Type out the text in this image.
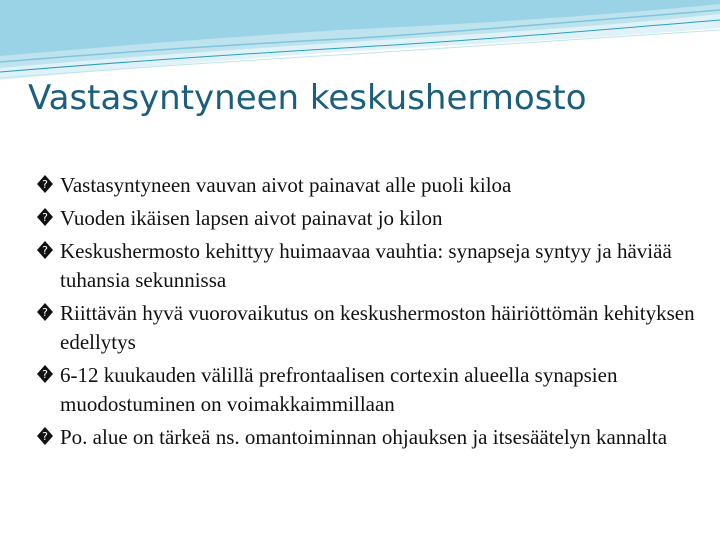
Vastasyntyneen keskushermosto
? Vastasyntyneen vauvan aivot painavat alle puoli kiloa
? Vuoden ikäisen lapsen aivot painavat jo kilon
? Keskushermosto kehittyy huimaavaa vauhtia: synapseja syntyy ja häviää tuhansia sekunnissa
? Riittävän hyvä vuorovaikutus on keskushermoston häiriöttömän kehityksen edellytys
? 6-12 kuukauden välillä prefrontaalisen cortexin alueella synapsien muodostuminen on voimakkaimmillaan
? Po. alue on tärkeä ns. omantoiminnan ohjauksen ja itsesäätelyn kannalta
